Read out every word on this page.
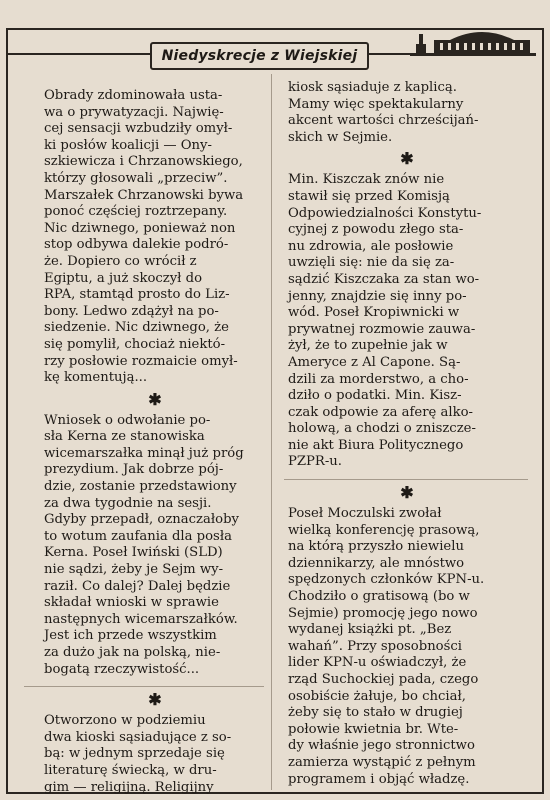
Niedyskrecje z Wiejskiej
Obrady zdominowała usta-
wa o prywatyzacji. Najwię-
cej sensacji wzbudziły omył-
ki posłów koalicji — Ony-
szkiewicza i Chrzanowskiego,
którzy głosowali „przeciw”.
Marszałek Chrzanowski bywa
ponoć częściej roztrzepany.
Nic dziwnego, ponieważ non
stop odbywa dalekie podró-
że. Dopiero co wrócił z
Egiptu, a już skoczył do
RPA, stamtąd prosto do Liz-
bony. Ledwo zdążył na po-
siedzenie. Nic dziwnego, że
się pomylił, chociaż niektó-
rzy posłowie rozmaicie omył-
kę komentują...
✱
Wniosek o odwołanie po-
sła Kerna ze stanowiska
wicemarszałka minął już próg
prezydium. Jak dobrze pój-
dzie, zostanie przedstawiony
za dwa tygodnie na sesji.
Gdyby przepadł, oznaczałoby
to wotum zaufania dla posła
Kerna. Poseł Iwiński (SLD)
nie sądzi, żeby je Sejm wy-
raził. Co dalej? Dalej będzie
składał wnioski w sprawie
następnych wicemarszałków.
Jest ich przede wszystkim
za dużo jak na polską, nie-
bogatą rzeczywistość...
✱
Otworzono w podziemiu
dwa kioski sąsiadujące z so-
bą: w jednym sprzedaje się
literaturę świecką, w dru-
gim — religijną. Religijny
kiosk sąsiaduje z kaplicą.
Mamy więc spektakularny
akcent wartości chrześcijań-
skich w Sejmie.
✱
Min. Kiszczak znów nie
stawił się przed Komisją
Odpowiedzialności Konstytu-
cyjnej z powodu złego sta-
nu zdrowia, ale posłowie
uwzięli się: nie da się za-
sądzić Kiszczaka za stan wo-
jenny, znajdzie się inny po-
wód. Poseł Kropiwnicki w
prywatnej rozmowie zauwa-
żył, że to zupełnie jak w
Ameryce z Al Capone. Są-
dzili za morderstwo, a cho-
dziło o podatki. Min. Kisz-
czak odpowie za aferę alko-
holową, a chodzi o zniszcze-
nie akt Biura Politycznego
PZPR-u.
✱
Poseł Moczulski zwołał
wielką konferencję prasową,
na którą przyszło niewielu
dziennikarzy, ale mnóstwo
spędzonych członków KPN-u.
Chodziło o gratisową (bo w
Sejmie) promocję jego nowo
wydanej książki pt. „Bez
wahań”. Przy sposobności
lider KPN-u oświadczył, że
rząd Suchockiej pada, czego
osobiście żałuje, bo chciał,
żeby się to stało w drugiej
połowie kwietnia br. Wte-
dy właśnie jego stronnictwo
zamierza wystąpić z pełnym
programem i objąć władzę.
